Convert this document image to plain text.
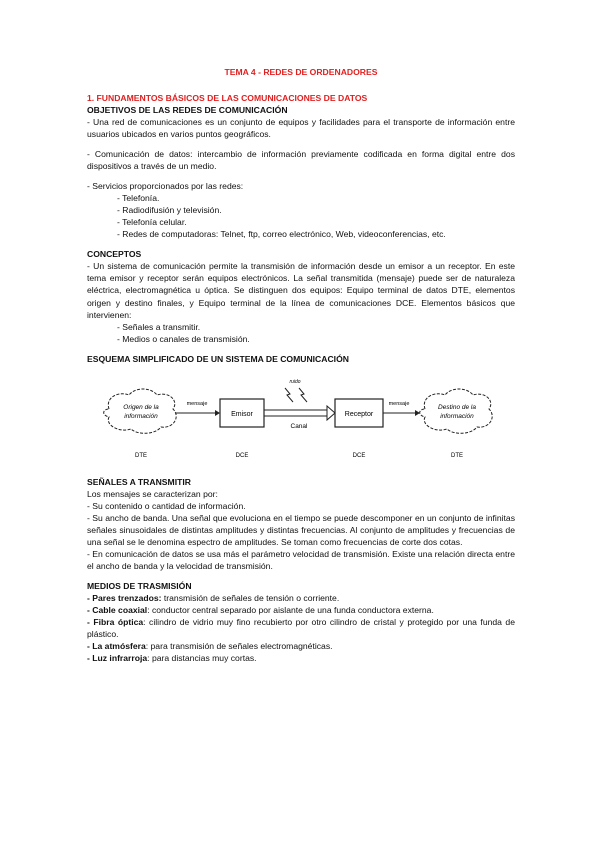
TEMA 4 - REDES DE ORDENADORES
1. FUNDAMENTOS BÁSICOS DE LAS COMUNICACIONES DE DATOS
OBJETIVOS DE LAS REDES DE COMUNICACIÓN

- Una red de comunicaciones es un conjunto de equipos y facilidades para el transporte de información entre usuarios ubicados en varios puntos geográficos.

- Comunicación de datos: intercambio de información previamente codificada en forma digital entre dos dispositivos a través de un medio.

- Servicios proporcionados por las redes:

- Telefonía.
- Radiodifusión y televisión.
- Telefonía celular.
- Redes de computadoras: Telnet, ftp, correo electrónico, Web, videoconferencias, etc.
CONCEPTOS

- Un sistema de comunicación permite la transmisión de información desde un emisor a un receptor. En este tema emisor y receptor serán equipos electrónicos. La señal transmitida (mensaje) puede ser de naturaleza eléctrica, electromagnética u óptica. Se distinguen dos equipos: Equipo terminal de datos DTE, elementos origen y destino finales, y Equipo terminal de la línea de comunicaciones DCE. Elementos básicos que intervienen:

- Señales a transmitir.
- Medios o canales de transmisión.
ESQUEMA SIMPLIFICADO DE UN SISTEMA DE COMUNICACIÓN
Origen de la
información
mensaje
Emisor
Canal
ruido
Receptor
mensaje	Destino de la
información
DTE	DCE	DCE	DTE
SEÑALES A TRANSMITIR

Los mensajes se caracterizan por:

- Su contenido o cantidad de información.

- Su ancho de banda. Una señal que evoluciona en el tiempo se puede descomponer en un conjunto de infinitas señales sinusoidales de distintas amplitudes y distintas frecuencias. Al conjunto de amplitudes y frecuencias de una señal se le denomina espectro de amplitudes. Se toman como frecuencias de corte dos cotas.

- En comunicación de datos se usa más el parámetro velocidad de transmisión. Existe una relación directa entre el ancho de banda y la velocidad de transmisión.

MEDIOS DE TRASMISIÓN

- Pares trenzados: transmisión de señales de tensión o corriente.

- Cable coaxial: conductor central separado por aislante de una funda conductora externa.

- Fibra óptica: cilindro de vidrio muy fino recubierto por otro cilindro de cristal y protegido por una funda de plástico.

- La atmósfera: para transmisión de señales electromagnéticas.

- Luz infrarroja: para distancias muy cortas.
